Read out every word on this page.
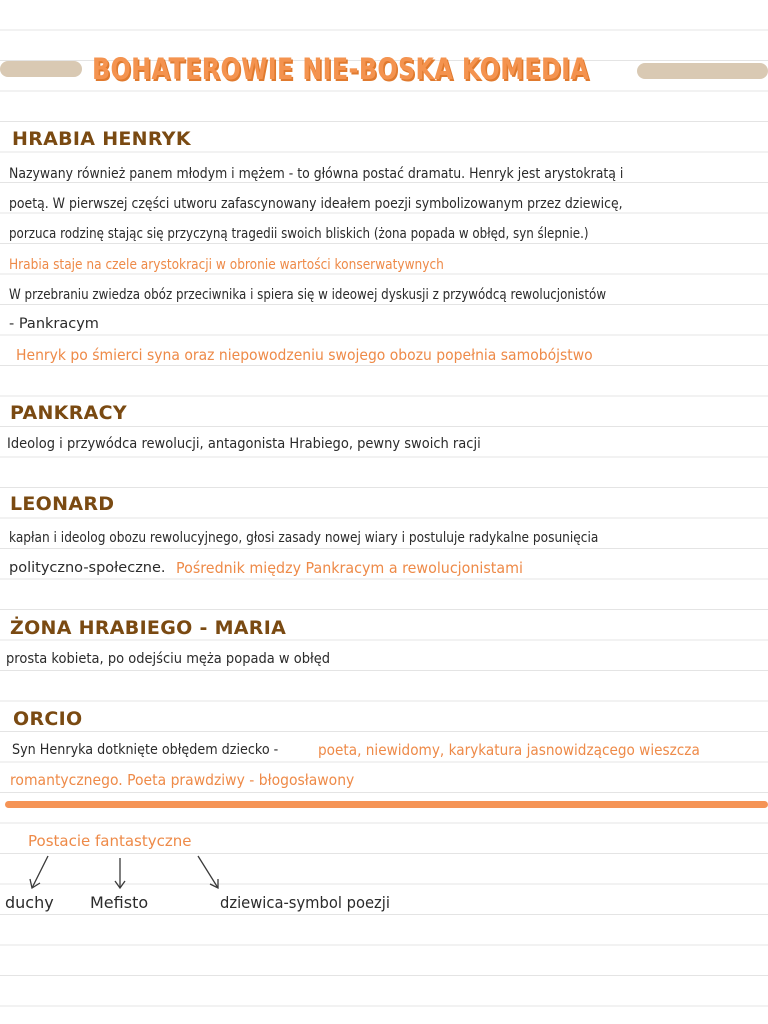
BOHATEROWIE NIE-BOSKA KOMEDIA
HRABIA HENRYK
Nazywany również panem młodym i mężem - to główna postać dramatu. Henryk jest arystokratą i
poetą. W pierwszej części utworu zafascynowany ideałem poezji symbolizowanym przez dziewicę,
porzuca rodzinę stając się przyczyną tragedii swoich bliskich (żona popada w obłęd, syn ślepnie.)
Hrabia staje na czele arystokracji w obronie wartości konserwatywnych
W przebraniu zwiedza obóz przeciwnika i spiera się w ideowej dyskusji z przywódcą rewolucjonistów
- Pankracym
Henryk po śmierci syna oraz niepowodzeniu swojego obozu popełnia samobójstwo
PANKRACY
Ideolog i przywódca rewolucji, antagonista Hrabiego, pewny swoich racji
LEONARD
kapłan i ideolog obozu rewolucyjnego, głosi zasady nowej wiary i postuluje radykalne posunięcia
polityczno-społeczne. Pośrednik między Pankracym a rewolucjonistami
ŻONA HRABIEGO - MARIA
prosta kobieta, po odejściu męża popada w obłęd
ORCIO
Syn Henryka dotknięte obłędem dziecko -	poeta, niewidomy, karykatura jasnowidzącego wieszcza
romantycznego. Poeta prawdziwy - błogosławony
Postacie fantastyczne
duchy Mefisto	dziewica-symbol poezji
